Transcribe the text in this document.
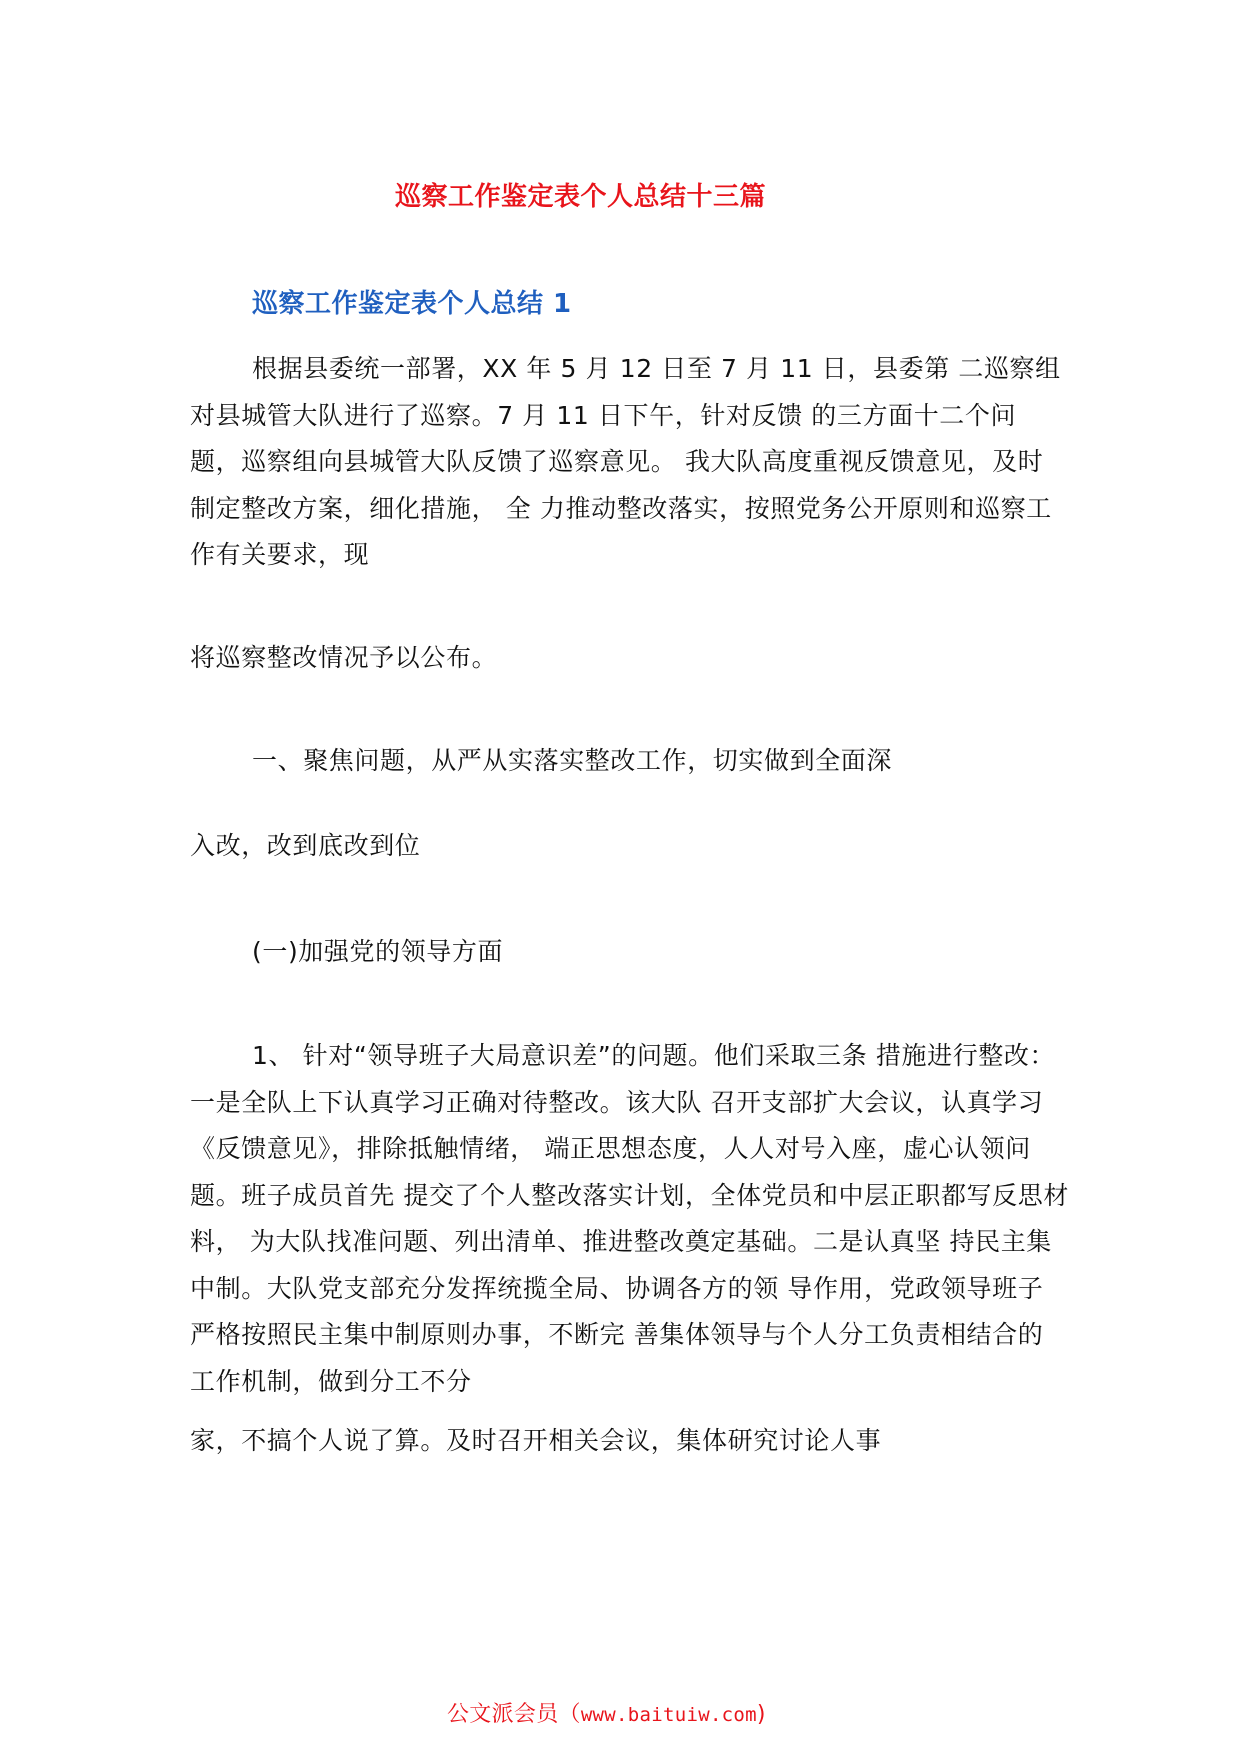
巡察工作鉴定表个人总结十三篇
巡察工作鉴定表个人总结 1
根据县委统一部署，XX 年 5 月 12 日至 7 月 11 日，县委第 二巡察组
对县城管大队进行了巡察。7 月 11 日下午，针对反馈 的三方面十二个问
题，巡察组向县城管大队反馈了巡察意见。 我大队高度重视反馈意见，及时
制定整改方案，细化措施， 全 力推动整改落实，按照党务公开原则和巡察工
作有关要求，现
将巡察整改情况予以公布。
一、聚焦问题，从严从实落实整改工作，切实做到全面深
入改，改到底改到位
(一)加强党的领导方面
1、 针对“领导班子大局意识差”的问题。他们采取三条 措施进行整改：
一是全队上下认真学习正确对待整改。该大队 召开支部扩大会议，认真学习
《反馈意见》，排除抵触情绪， 端正思想态度，人人对号入座，虚心认领问
题。班子成员首先 提交了个人整改落实计划，全体党员和中层正职都写反思材
料， 为大队找准问题、列出清单、推进整改奠定基础。二是认真坚 持民主集
中制。大队党支部充分发挥统揽全局、协调各方的领 导作用，党政领导班子
严格按照民主集中制原则办事，不断完 善集体领导与个人分工负责相结合的
工作机制，做到分工不分
家，不搞个人说了算。及时召开相关会议，集体研究讨论人事
公文派会员（www.baituiw.com)
